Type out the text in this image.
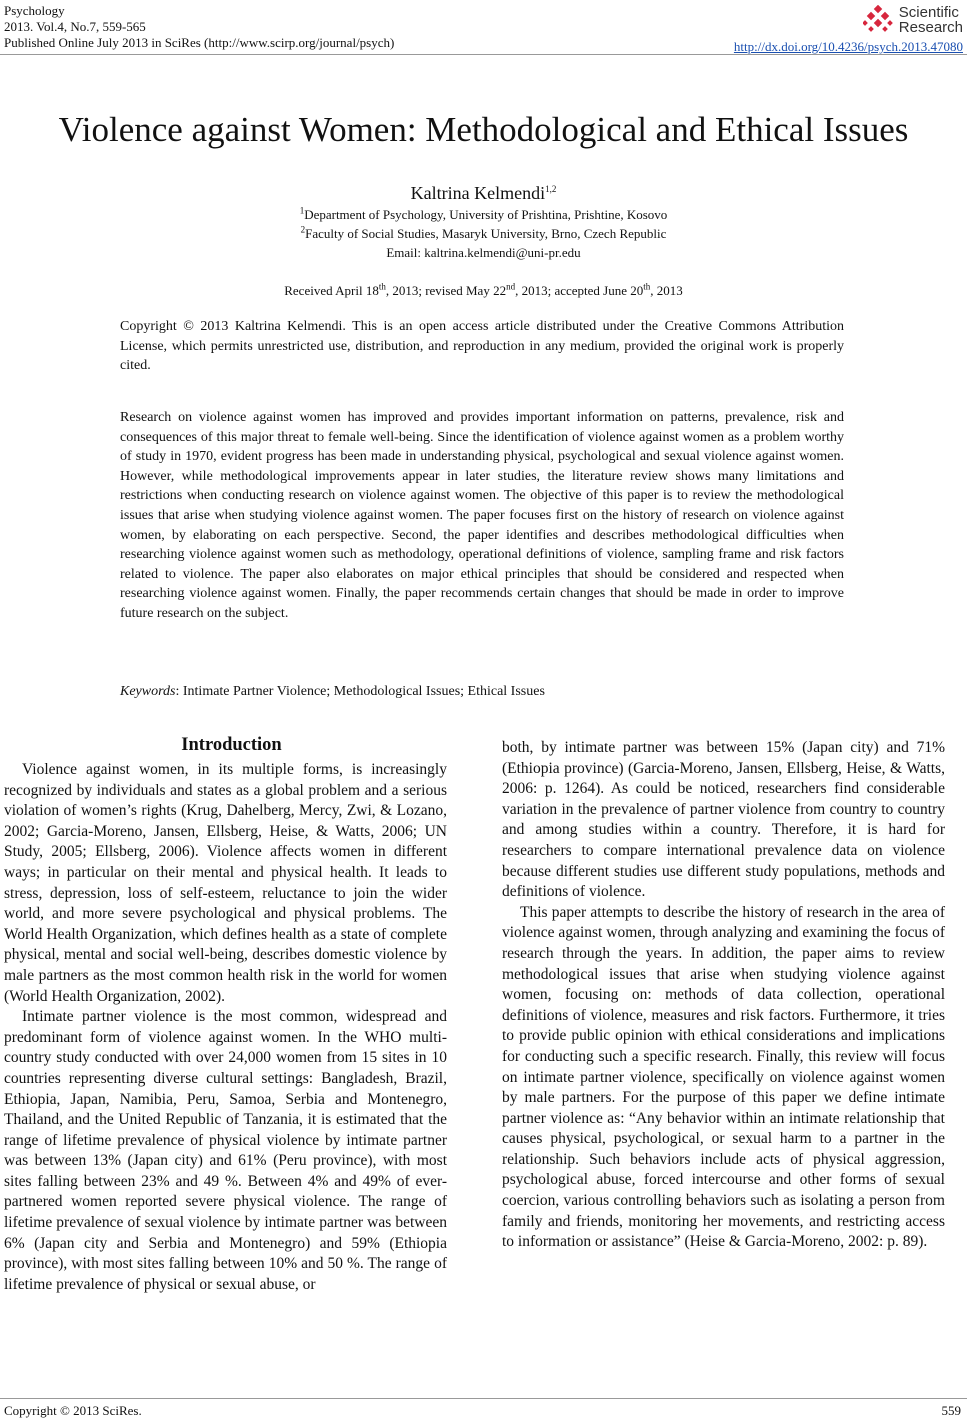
Psychology
2013. Vol.4, No.7, 559-565
Published Online July 2013 in SciRes (http://www.scirp.org/journal/psych)
Scientific
Research
http://dx.doi.org/10.4236/psych.2013.47080
Violence against Women: Methodological and Ethical Issues
Kaltrina Kelmendi$^{1,2}$
$^1$Department of Psychology, University of Prishtina, Prishtine, Kosovo
$^2$Faculty of Social Studies, Masaryk University, Brno, Czech Republic
Email: kaltrina.kelmendi@uni-pr.edu
Received April 18th, 2013; revised May 22nd, 2013; accepted June 20th, 2013
Copyright © 2013 Kaltrina Kelmendi. This is an open access article distributed under the Creative Commons Attribution License, which permits unrestricted use, distribution, and reproduction in any medium, provided the original work is properly cited.
Research on violence against women has improved and provides important information on patterns, prevalence, risk and consequences of this major threat to female well-being. Since the identification of violence against women as a problem worthy of study in 1970, evident progress has been made in understanding physical, psychological and sexual violence against women. However, while methodological improvements appear in later studies, the literature review shows many limitations and restrictions when conducting research on violence against women. The objective of this paper is to review the methodological issues that arise when studying violence against women. The paper focuses first on the history of research on violence against women, by elaborating on each perspective. Second, the paper identifies and describes methodological difficulties when researching violence against women such as methodology, operational definitions of violence, sampling frame and risk factors related to violence. The paper also elaborates on major ethical principles that should be considered and respected when researching violence against women. Finally, the paper recommends certain changes that should be made in order to improve future research on the subject.
Keywords: Intimate Partner Violence; Methodological Issues; Ethical Issues
Introduction

Violence against women, in its multiple forms, is increasingly recognized by individuals and states as a global problem and a serious violation of women’s rights (Krug, Dahelberg, Mercy, Zwi, & Lozano, 2002; Garcia-Moreno, Jansen, Ellsberg, Heise, & Watts, 2006; UN Study, 2005; Ellsberg, 2006). Violence affects women in different ways; in particular on their mental and physical health. It leads to stress, depression, loss of self-esteem, reluctance to join the wider world, and more severe psychological and physical problems. The World Health Organization, which defines health as a state of complete physical, mental and social well-being, describes domestic violence by male partners as the most common health risk in the world for women (World Health Organization, 2002).

Intimate partner violence is the most common, widespread and predominant form of violence against women. In the WHO multi-country study conducted with over 24,000 women from 15 sites in 10 countries representing diverse cultural settings: Bangladesh, Brazil, Ethiopia, Japan, Namibia, Peru, Samoa, Serbia and Montenegro, Thailand, and the United Republic of Tanzania, it is estimated that the range of lifetime prevalence of physical violence by intimate partner was between 13% (Japan city) and 61% (Peru province), with most sites falling between 23% and 49 %. Between 4% and 49% of ever-partnered women reported severe physical violence. The range of lifetime prevalence of sexual violence by intimate partner was between 6% (Japan city and Serbia and Montenegro) and 59% (Ethiopia province), with most sites falling between 10% and 50 %. The range of lifetime prevalence of physical or sexual abuse, or

both, by intimate partner was between 15% (Japan city) and 71% (Ethiopia province) (Garcia-Moreno, Jansen, Ellsberg, Heise, & Watts, 2006: p. 1264). As could be noticed, researchers find considerable variation in the prevalence of partner violence from country to country and among studies within a country. Therefore, it is hard for researchers to compare international prevalence data on violence because different studies use different study populations, methods and definitions of violence.

This paper attempts to describe the history of research in the area of violence against women, through analyzing and examining the focus of research through the years. In addition, the paper aims to review methodological issues that arise when studying violence against women, focusing on: methods of data collection, operational definitions of violence, measures and risk factors. Furthermore, it tries to provide public opinion with ethical considerations and implications for conducting such a specific research. Finally, this review will focus on intimate partner violence, specifically on violence against women by male partners. For the purpose of this paper we define intimate partner violence as: “Any behavior within an intimate relationship that causes physical, psychological, or sexual harm to a partner in the relationship. Such behaviors include acts of physical aggression, psychological abuse, forced intercourse and other forms of sexual coercion, various controlling behaviors such as isolating a person from family and friends, monitoring her movements, and restricting access to information or assistance” (Heise & Garcia-Moreno, 2002: p. 89).

Copyright © 2013 SciRes.	559
